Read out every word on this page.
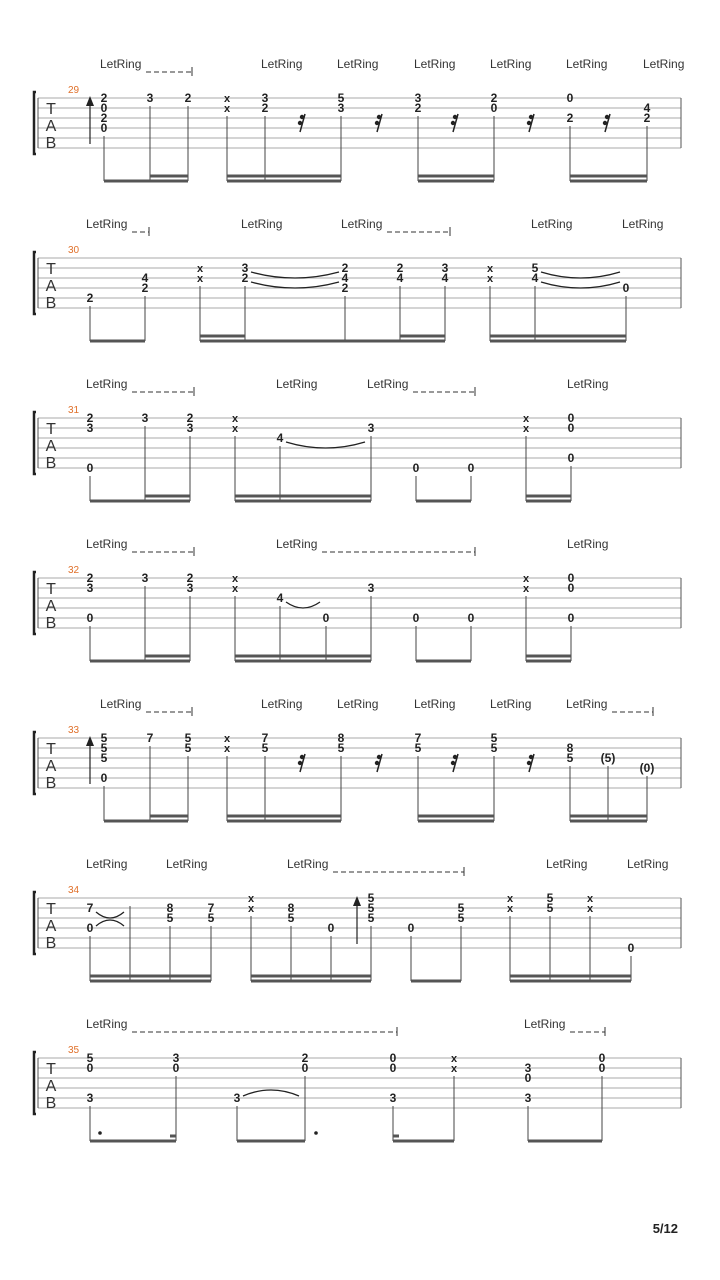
T
A
B
29
LetRing	LetRing	LetRing	LetRing	LetRing	LetRing	LetRing
2
0
2
0
3	2	x
x
3
2
5
3
3
2
2
0
0
2
4
2
T
A
B
30
LetRing	LetRing	LetRing	LetRing	LetRing
2
4
2
x
x
3
2
2
4
2
2
4
3
4
x
x
5
4
0
T
A
B
31
LetRing	LetRing	LetRing	LetRing
2
3
0
3	2
3
x
x
4
3
0	0
x
x
0
0
0
T
A
B
32
LetRing	LetRing	LetRing
2
3
0
3	2
3
x
x
4
0
3
0	0
x
x
0
0
0
T
A
B
33
LetRing	LetRing	LetRing	LetRing	LetRing	LetRing
5
5
5
0
7	5
5
x
x
7
5
8
5
7
5
5
5	8
5 (5)
(0)
T
A
B
34
LetRing	LetRing	LetRing	LetRing	LetRing
7
0
8
5
7
5
x
x	8
5
0
5
5
5
0
5
5
x
x
5
5
x
x
0
T
A
B
35
LetRing	LetRing
5
0
3
3
0
3
2
0
0
0
3
x
x	3
0
3
0
0
5/12
